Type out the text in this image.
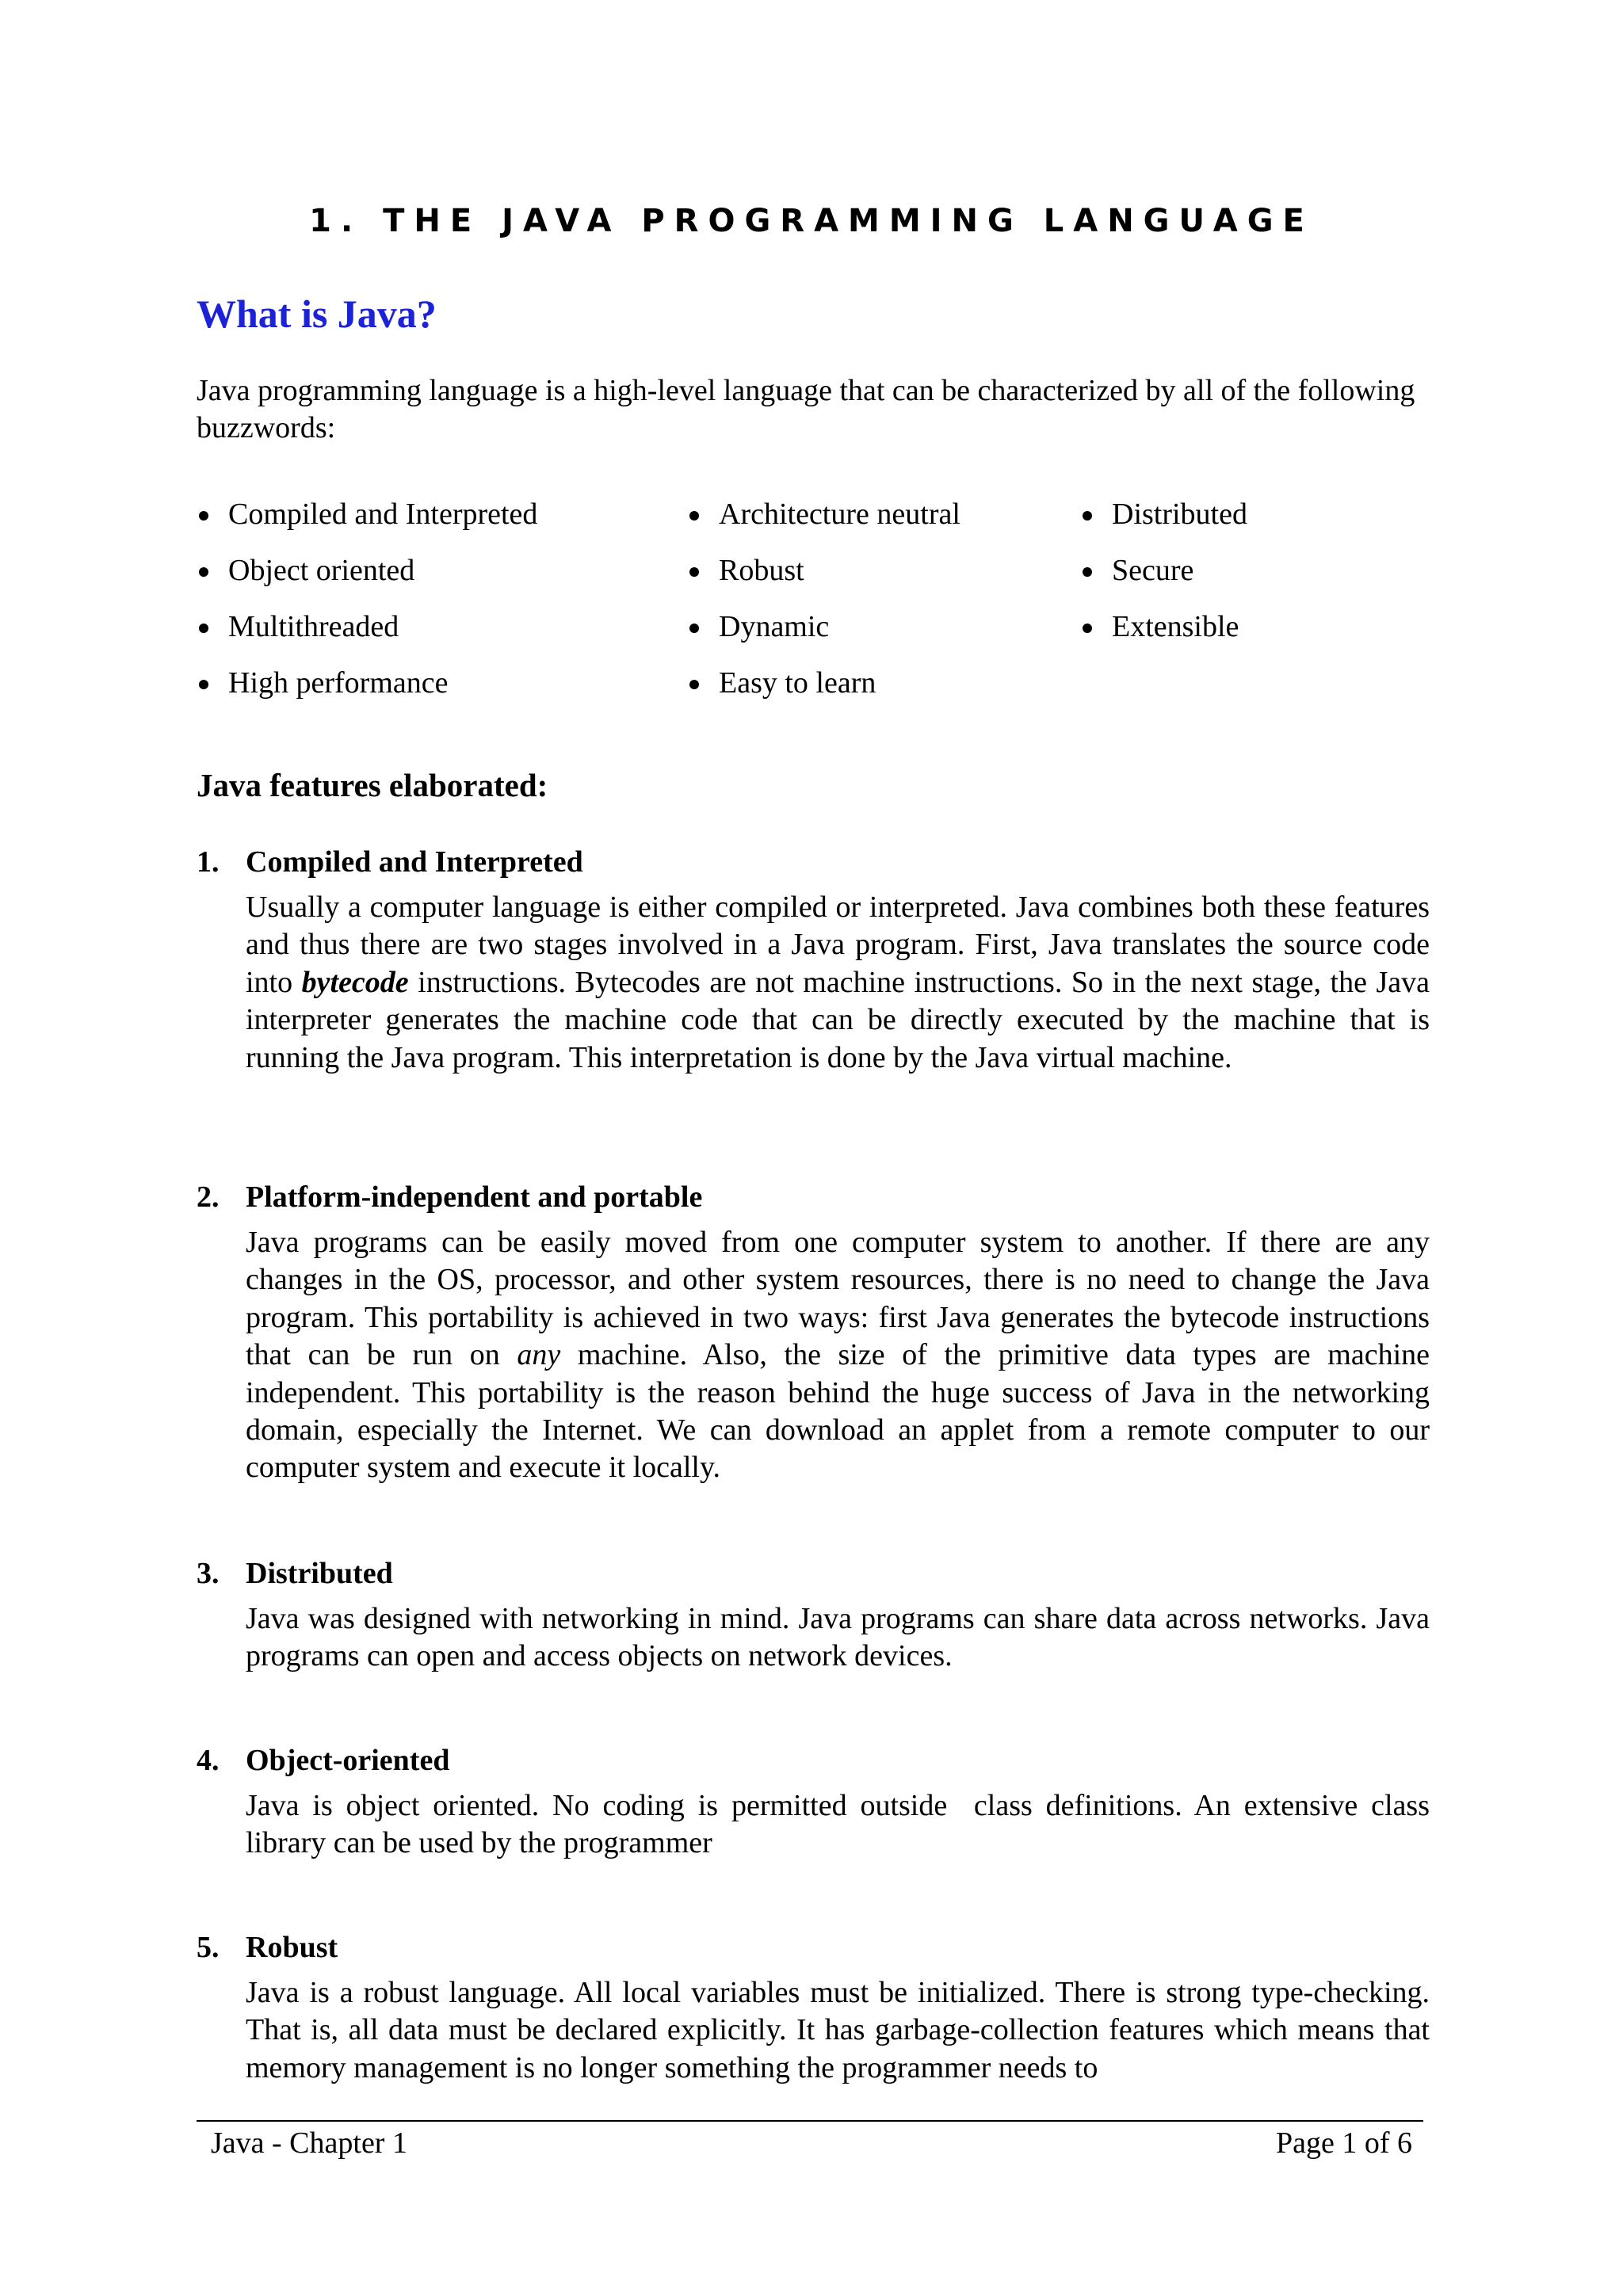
1. THE JAVA PROGRAMMING LANGUAGE
What is Java?
Java programming language is a high-level language that can be characterized by all of the following buzzwords:
Compiled and Interpreted
Object oriented
Multithreaded
High performance
Architecture neutral
Robust
Dynamic
Easy to learn
Distributed
Secure
Extensible
Java features elaborated:
1. Compiled and Interpreted
Usually a computer language is either compiled or interpreted. Java combines both these features and thus there are two stages involved in a Java program. First, Java translates the source code into bytecode instructions. Bytecodes are not machine instructions. So in the next stage, the Java interpreter generates the machine code that can be directly executed by the machine that is running the Java program. This interpretation is done by the Java virtual machine.
2. Platform-independent and portable
Java programs can be easily moved from one computer system to another. If there are any changes in the OS, processor, and other system resources, there is no need to change the Java program. This portability is achieved in two ways: first Java generates the bytecode instructions that can be run on any machine. Also, the size of the primitive data types are machine independent. This portability is the reason behind the huge success of Java in the networking domain, especially the Internet. We can download an applet from a remote computer to our computer system and execute it locally.
3. Distributed
Java was designed with networking in mind. Java programs can share data across networks. Java programs can open and access objects on network devices.
4. Object-oriented
Java is object oriented. No coding is permitted outside  class definitions. An extensive class library can be used by the programmer
5. Robust
Java is a robust language. All local variables must be initialized. There is strong type-checking. That is, all data must be declared explicitly. It has garbage-collection features which means that memory management is no longer something the programmer needs to
Java - Chapter 1	Page 1 of 6
